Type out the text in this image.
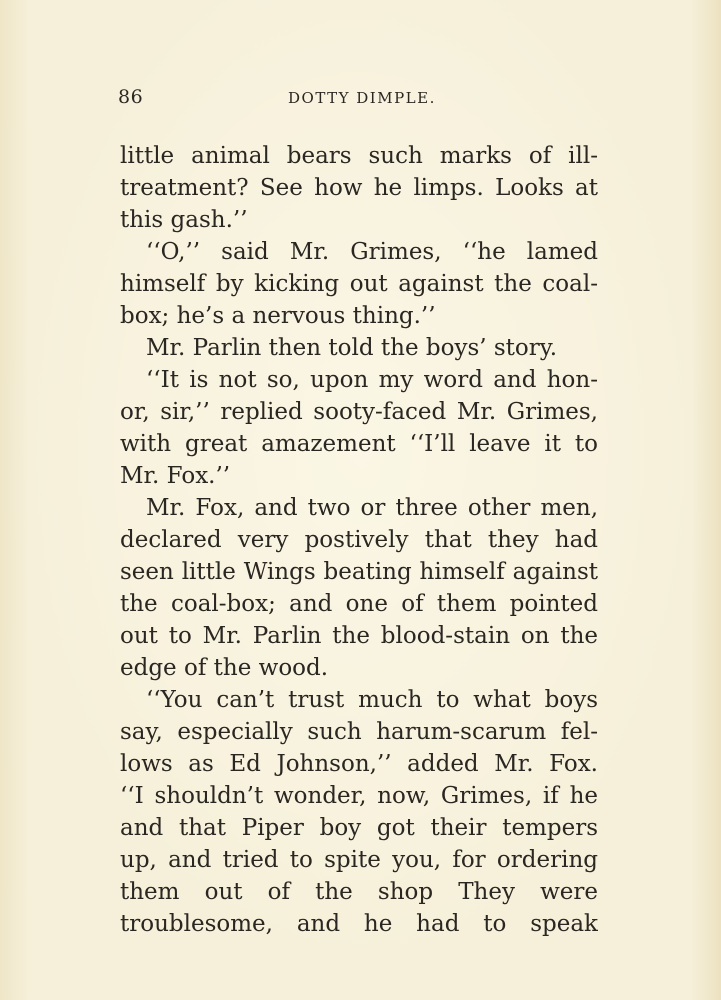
86	DOTTY DIMPLE.
little animal bears such marks of ill-
treatment? See how he limps. Looks at
this gash.’’
‘‘O,’’ said Mr. Grimes, ‘‘he lamed
himself by kicking out against the coal-
box; he’s a nervous thing.’’
Mr. Parlin then told the boys’ story.
‘‘It is not so, upon my word and hon-
or, sir,’’ replied sooty-faced Mr. Grimes,
with great amazement ‘‘I’ll leave it to
Mr. Fox.’’
Mr. Fox, and two or three other men,
declared very postively that they had
seen little Wings beating himself against
the coal-box; and one of them pointed
out to Mr. Parlin the blood-stain on the
edge of the wood.
‘‘You can’t trust much to what boys
say, especially such harum-scarum fel-
lows as Ed Johnson,’’ added Mr. Fox.
‘‘I shouldn’t wonder, now, Grimes, if he
and that Piper boy got their tempers
up, and tried to spite you, for ordering
them out of the shop They were
troublesome, and he had to speak
